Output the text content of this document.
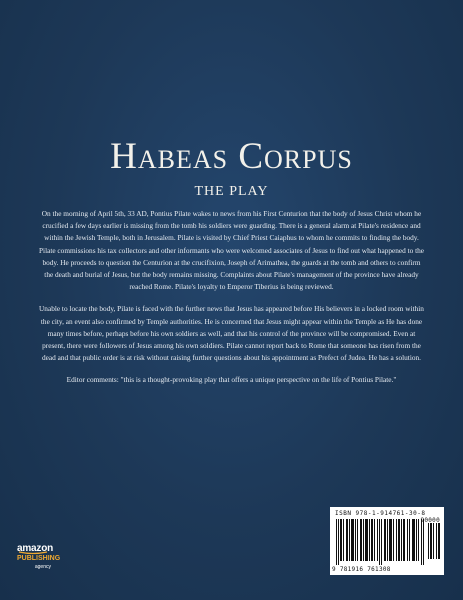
Habeas Corpus
THE PLAY

On the morning of April 5th, 33 AD, Pontius Pilate wakes to news from his First Centurion that the body of Jesus Christ whom he crucified a few days earlier is missing from the tomb his soldiers were guarding. There is a general alarm at Pilate's residence and within the Jewish Temple, both in Jerusalem. Pilate is visited by Chief Priest Caiaphus to whom he commits to finding the body. Pilate commissions his tax collectors and other informants who were welcomed associates of Jesus to find out what happened to the body. He proceeds to question the Centurion at the crucifixion, Joseph of Arimathea, the guards at the tomb and others to confirm the death and burial of Jesus, but the body remains missing. Complaints about Pilate's management of the province have already reached Rome. Pilate's loyalty to Emperor Tiberius is being reviewed.

Unable to locate the body, Pilate is faced with the further news that Jesus has appeared before His believers in a locked room within the city, an event also confirmed by Temple authorities. He is concerned that Jesus might appear within the Temple as He has done many times before, perhaps before his own soldiers as well, and that his control of the province will be compromised. Even at present, there were followers of Jesus among his own soldiers. Pilate cannot report back to Rome that someone has risen from the dead and that public order is at risk without raising further questions about his appointment as Prefect of Judea. He has a solution.

Editor comments: "this is a thought-provoking play that offers a unique perspective on the life of Pontius Pilate."

amazon
PUBLISHING
agency
ISBN 978-1-914761-30-8
9 781916 761308
90000
